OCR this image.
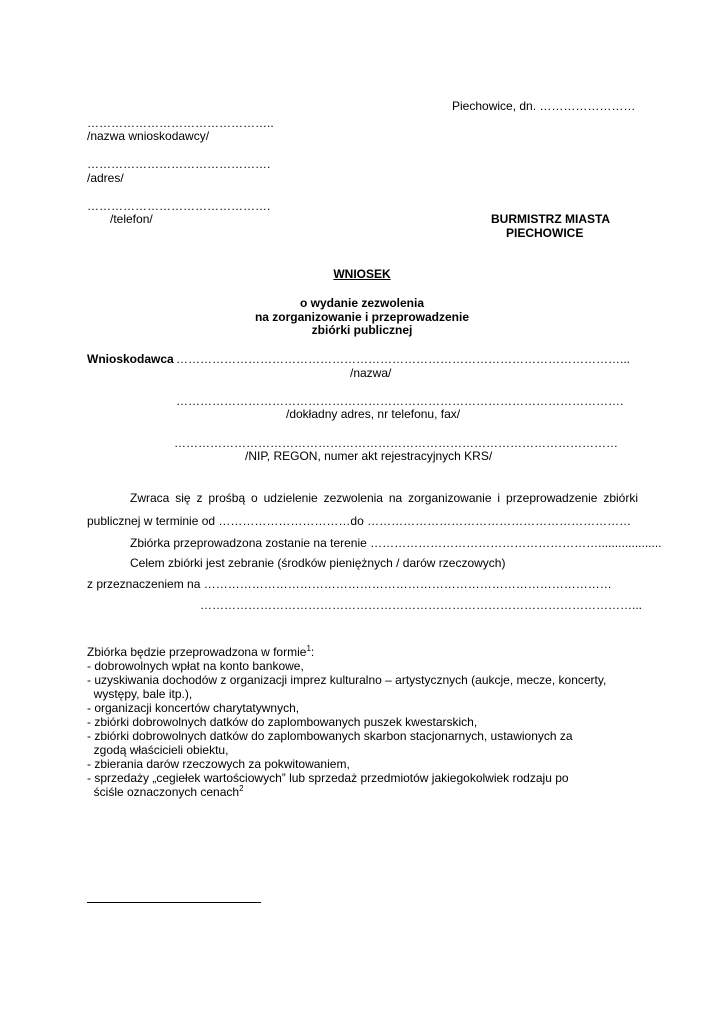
Piechowice, dn. ……………………
………………………………………..
/nazwa wnioskodawcy/
……………………………………….
/adres/
……………………………………….
/telefon/	BURMISTRZ MIASTA
PIECHOWICE
WNIOSEK
o wydanie zezwolenia
na zorganizowanie i przeprowadzenie
zbiórki publicznej
Wnioskodawca …………………………………………………………………………………………………...
/nazwa/
………………………………………………………………………………………………….
/dokładny adres, nr telefonu, fax/
…………………………………………………………………………………………………
/NIP, REGON, numer akt rejestracyjnych KRS/
Zwraca się z prośbą o udzielenie zezwolenia na zorganizowanie i przeprowadzenie zbiórki
publicznej w terminie od ……………………………do …………………………………………………………
Zbiórka przeprowadzona zostanie na terenie …………………………………………………...................
Celem zbiórki jest zebranie (środków pieniężnych / darów rzeczowych)
z przeznaczeniem na …………………………………………………………………………………………
………………………………………………………………………………………………...
Zbiórka będzie przeprowadzona w formie$^1$:
- dobrowolnych wpłat na konto bankowe,
- uzyskiwania dochodów z organizacji imprez kulturalno – artystycznych (aukcje, mecze, koncerty,
występy, bale itp.),
- organizacji koncertów charytatywnych,
- zbiórki dobrowolnych datków do zaplombowanych puszek kwestarskich,
- zbiórki dobrowolnych datków do zaplombowanych skarbon stacjonarnych, ustawionych za
zgodą właścicieli obiektu,
- zbierania darów rzeczowych za pokwitowaniem,
- sprzedaży „cegiełek wartościowych” lub sprzedaż przedmiotów jakiegokolwiek rodzaju po
ściśle oznaczonych cenach$^2$
